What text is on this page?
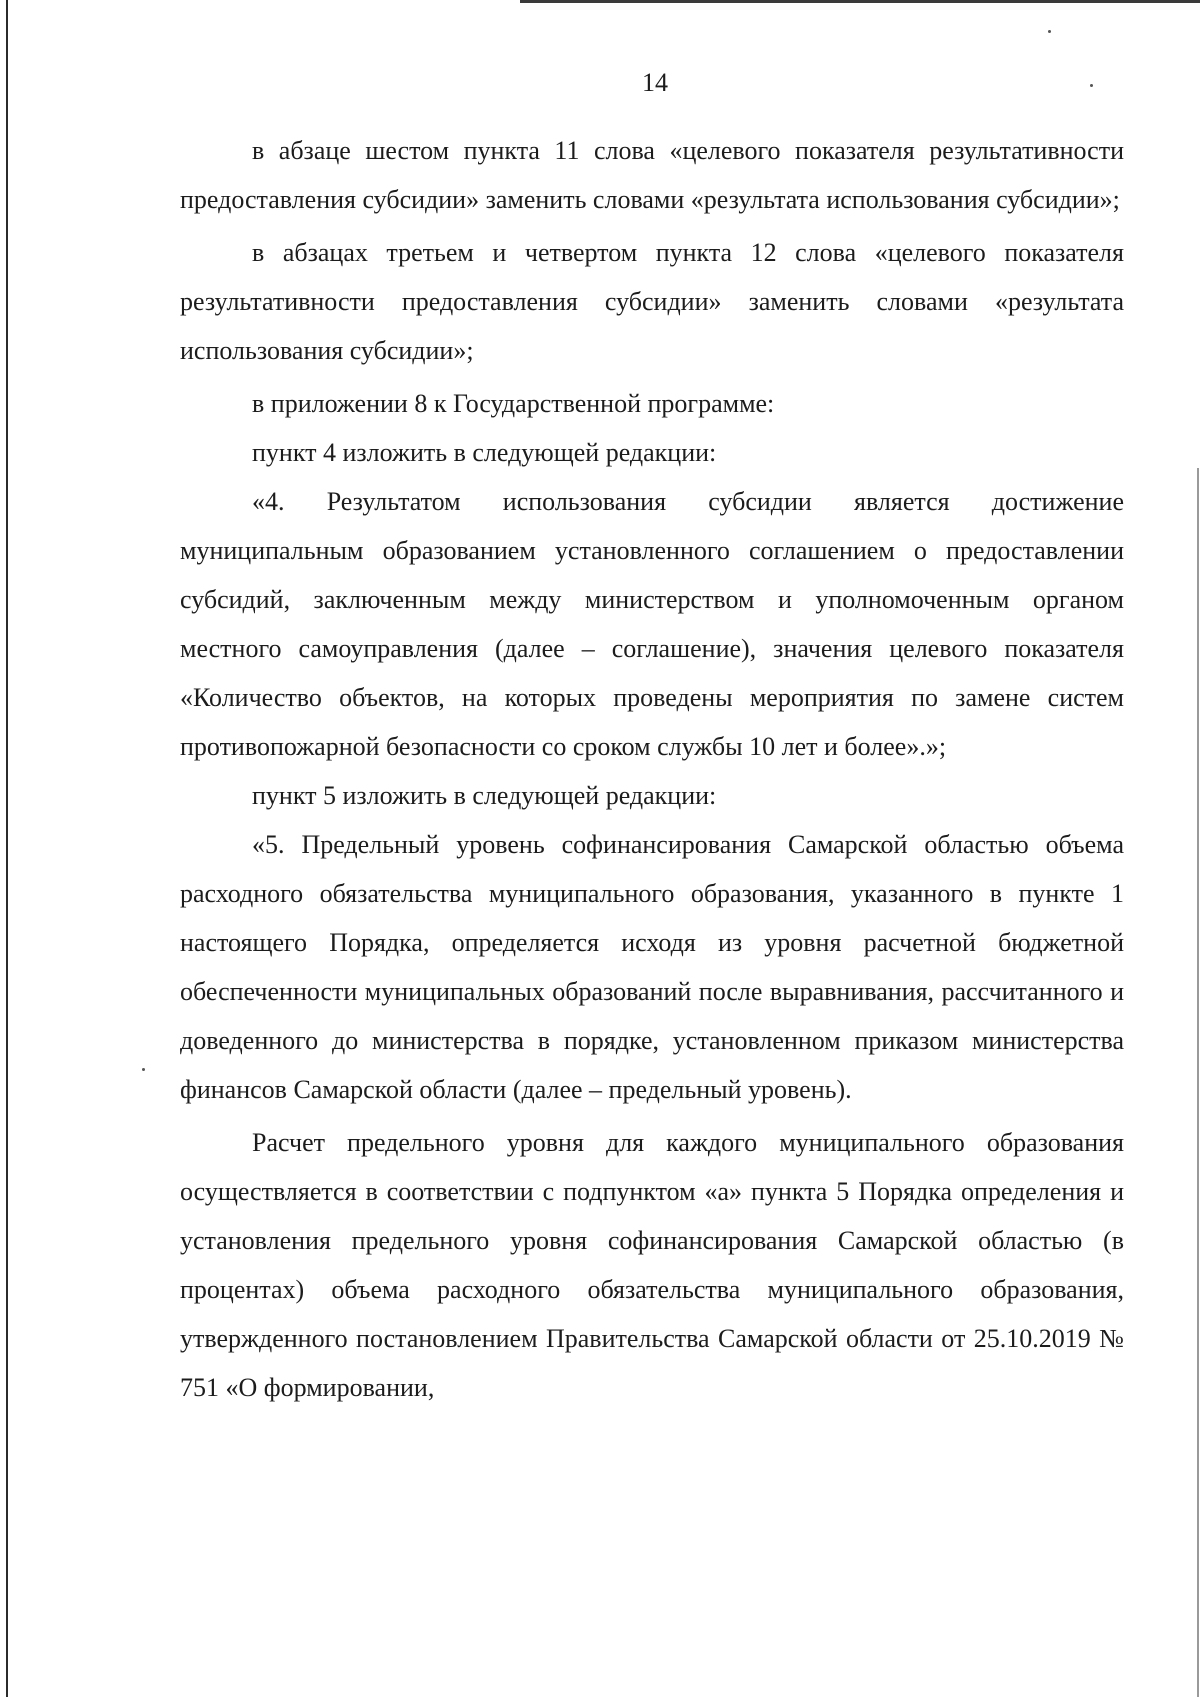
14

в абзаце шестом пункта 11 слова «целевого показателя результативности предоставления субсидии» заменить словами «результата использования субсидии»;

в абзацах третьем и четвертом пункта 12 слова «целевого показателя результативности предоставления субсидии» заменить словами «результата использования субсидии»;

в приложении 8 к Государственной программе:

пункт 4 изложить в следующей редакции:

«4. Результатом использования субсидии является достижение муниципальным образованием установленного соглашением о предоставлении субсидий, заключенным между министерством и уполномоченным органом местного самоуправления (далее – соглашение), значения целевого показателя «Количество объектов, на которых проведены мероприятия по замене систем противопожарной безопасности со сроком службы 10 лет и более».»;

пункт 5 изложить в следующей редакции:

«5. Предельный уровень софинансирования Самарской областью объема расходного обязательства муниципального образования, указанного в пункте 1 настоящего Порядка, определяется исходя из уровня расчетной бюджетной обеспеченности муниципальных образований после выравнивания, рассчитанного и доведенного до министерства в порядке, установленном приказом министерства финансов Самарской области (далее – предельный уровень).

Расчет предельного уровня для каждого муниципального образования осуществляется в соответствии с подпунктом «а» пункта 5 Порядка определения и установления предельного уровня софинансирования Самарской областью (в процентах) объема расходного обязательства муниципального образования, утвержденного постановлением Правительства Самарской области от 25.10.2019 № 751 «О формировании,
